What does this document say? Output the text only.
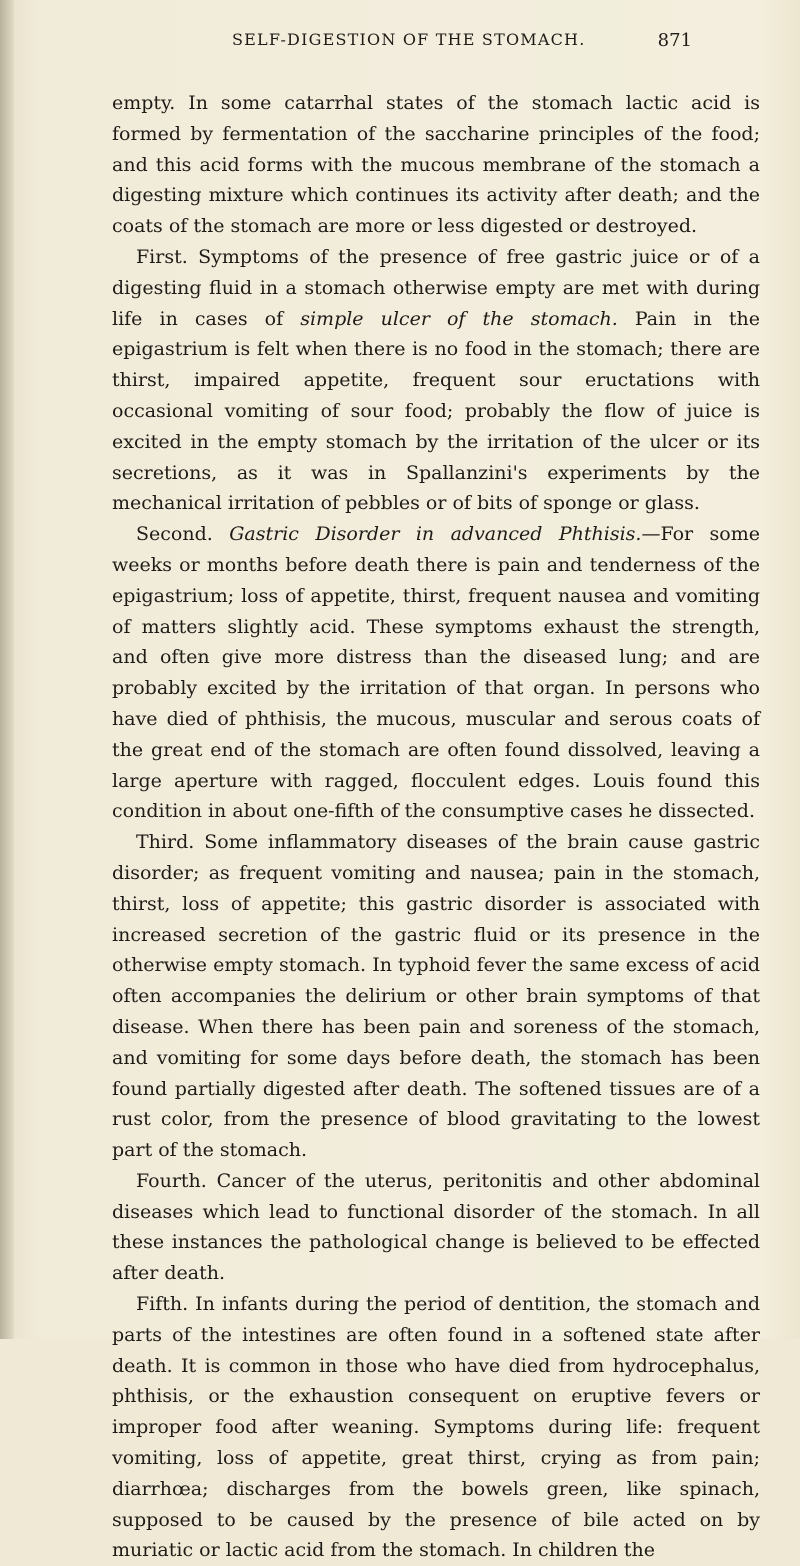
SELF-DIGESTION OF THE STOMACH.	871

empty. In some catarrhal states of the stomach lactic acid is formed by fermentation of the saccharine principles of the food; and this acid forms with the mucous membrane of the stomach a digesting mixture which continues its activity after death; and the coats of the stomach are more or less digested or destroyed.

First. Symptoms of the presence of free gastric juice or of a digesting fluid in a stomach otherwise empty are met with during life in cases of simple ulcer of the stomach. Pain in the epigastrium is felt when there is no food in the stomach; there are thirst, impaired appetite, frequent sour eructations with occasional vomiting of sour food; probably the flow of juice is excited in the empty stomach by the irritation of the ulcer or its secretions, as it was in Spallanzini's experiments by the mechanical irritation of pebbles or of bits of sponge or glass.

Second. Gastric Disorder in advanced Phthisis.—For some weeks or months before death there is pain and tenderness of the epigastrium; loss of appetite, thirst, frequent nausea and vomiting of matters slightly acid. These symptoms exhaust the strength, and often give more distress than the diseased lung; and are probably excited by the irritation of that organ. In persons who have died of phthisis, the mucous, muscular and serous coats of the great end of the stomach are often found dissolved, leaving a large aperture with ragged, flocculent edges. Louis found this condition in about one-fifth of the consumptive cases he dissected.

Third. Some inflammatory diseases of the brain cause gastric disorder; as frequent vomiting and nausea; pain in the stomach, thirst, loss of appetite; this gastric disorder is associated with increased secretion of the gastric fluid or its presence in the otherwise empty stomach. In typhoid fever the same excess of acid often accompanies the delirium or other brain symptoms of that disease. When there has been pain and soreness of the stomach, and vomiting for some days before death, the stomach has been found partially digested after death. The softened tissues are of a rust color, from the presence of blood gravitating to the lowest part of the stomach.

Fourth. Cancer of the uterus, peritonitis and other abdominal diseases which lead to functional disorder of the stomach. In all these instances the pathological change is believed to be effected after death.

Fifth. In infants during the period of dentition, the stomach and parts of the intestines are often found in a softened state after death. It is common in those who have died from hydrocephalus, phthisis, or the exhaustion consequent on eruptive fevers or improper food after weaning. Symptoms during life: frequent vomiting, loss of appetite, great thirst, crying as from pain; diarrhœa; discharges from the bowels green, like spinach, supposed to be caused by the presence of bile acted on by muriatic or lactic acid from the stomach. In children the
